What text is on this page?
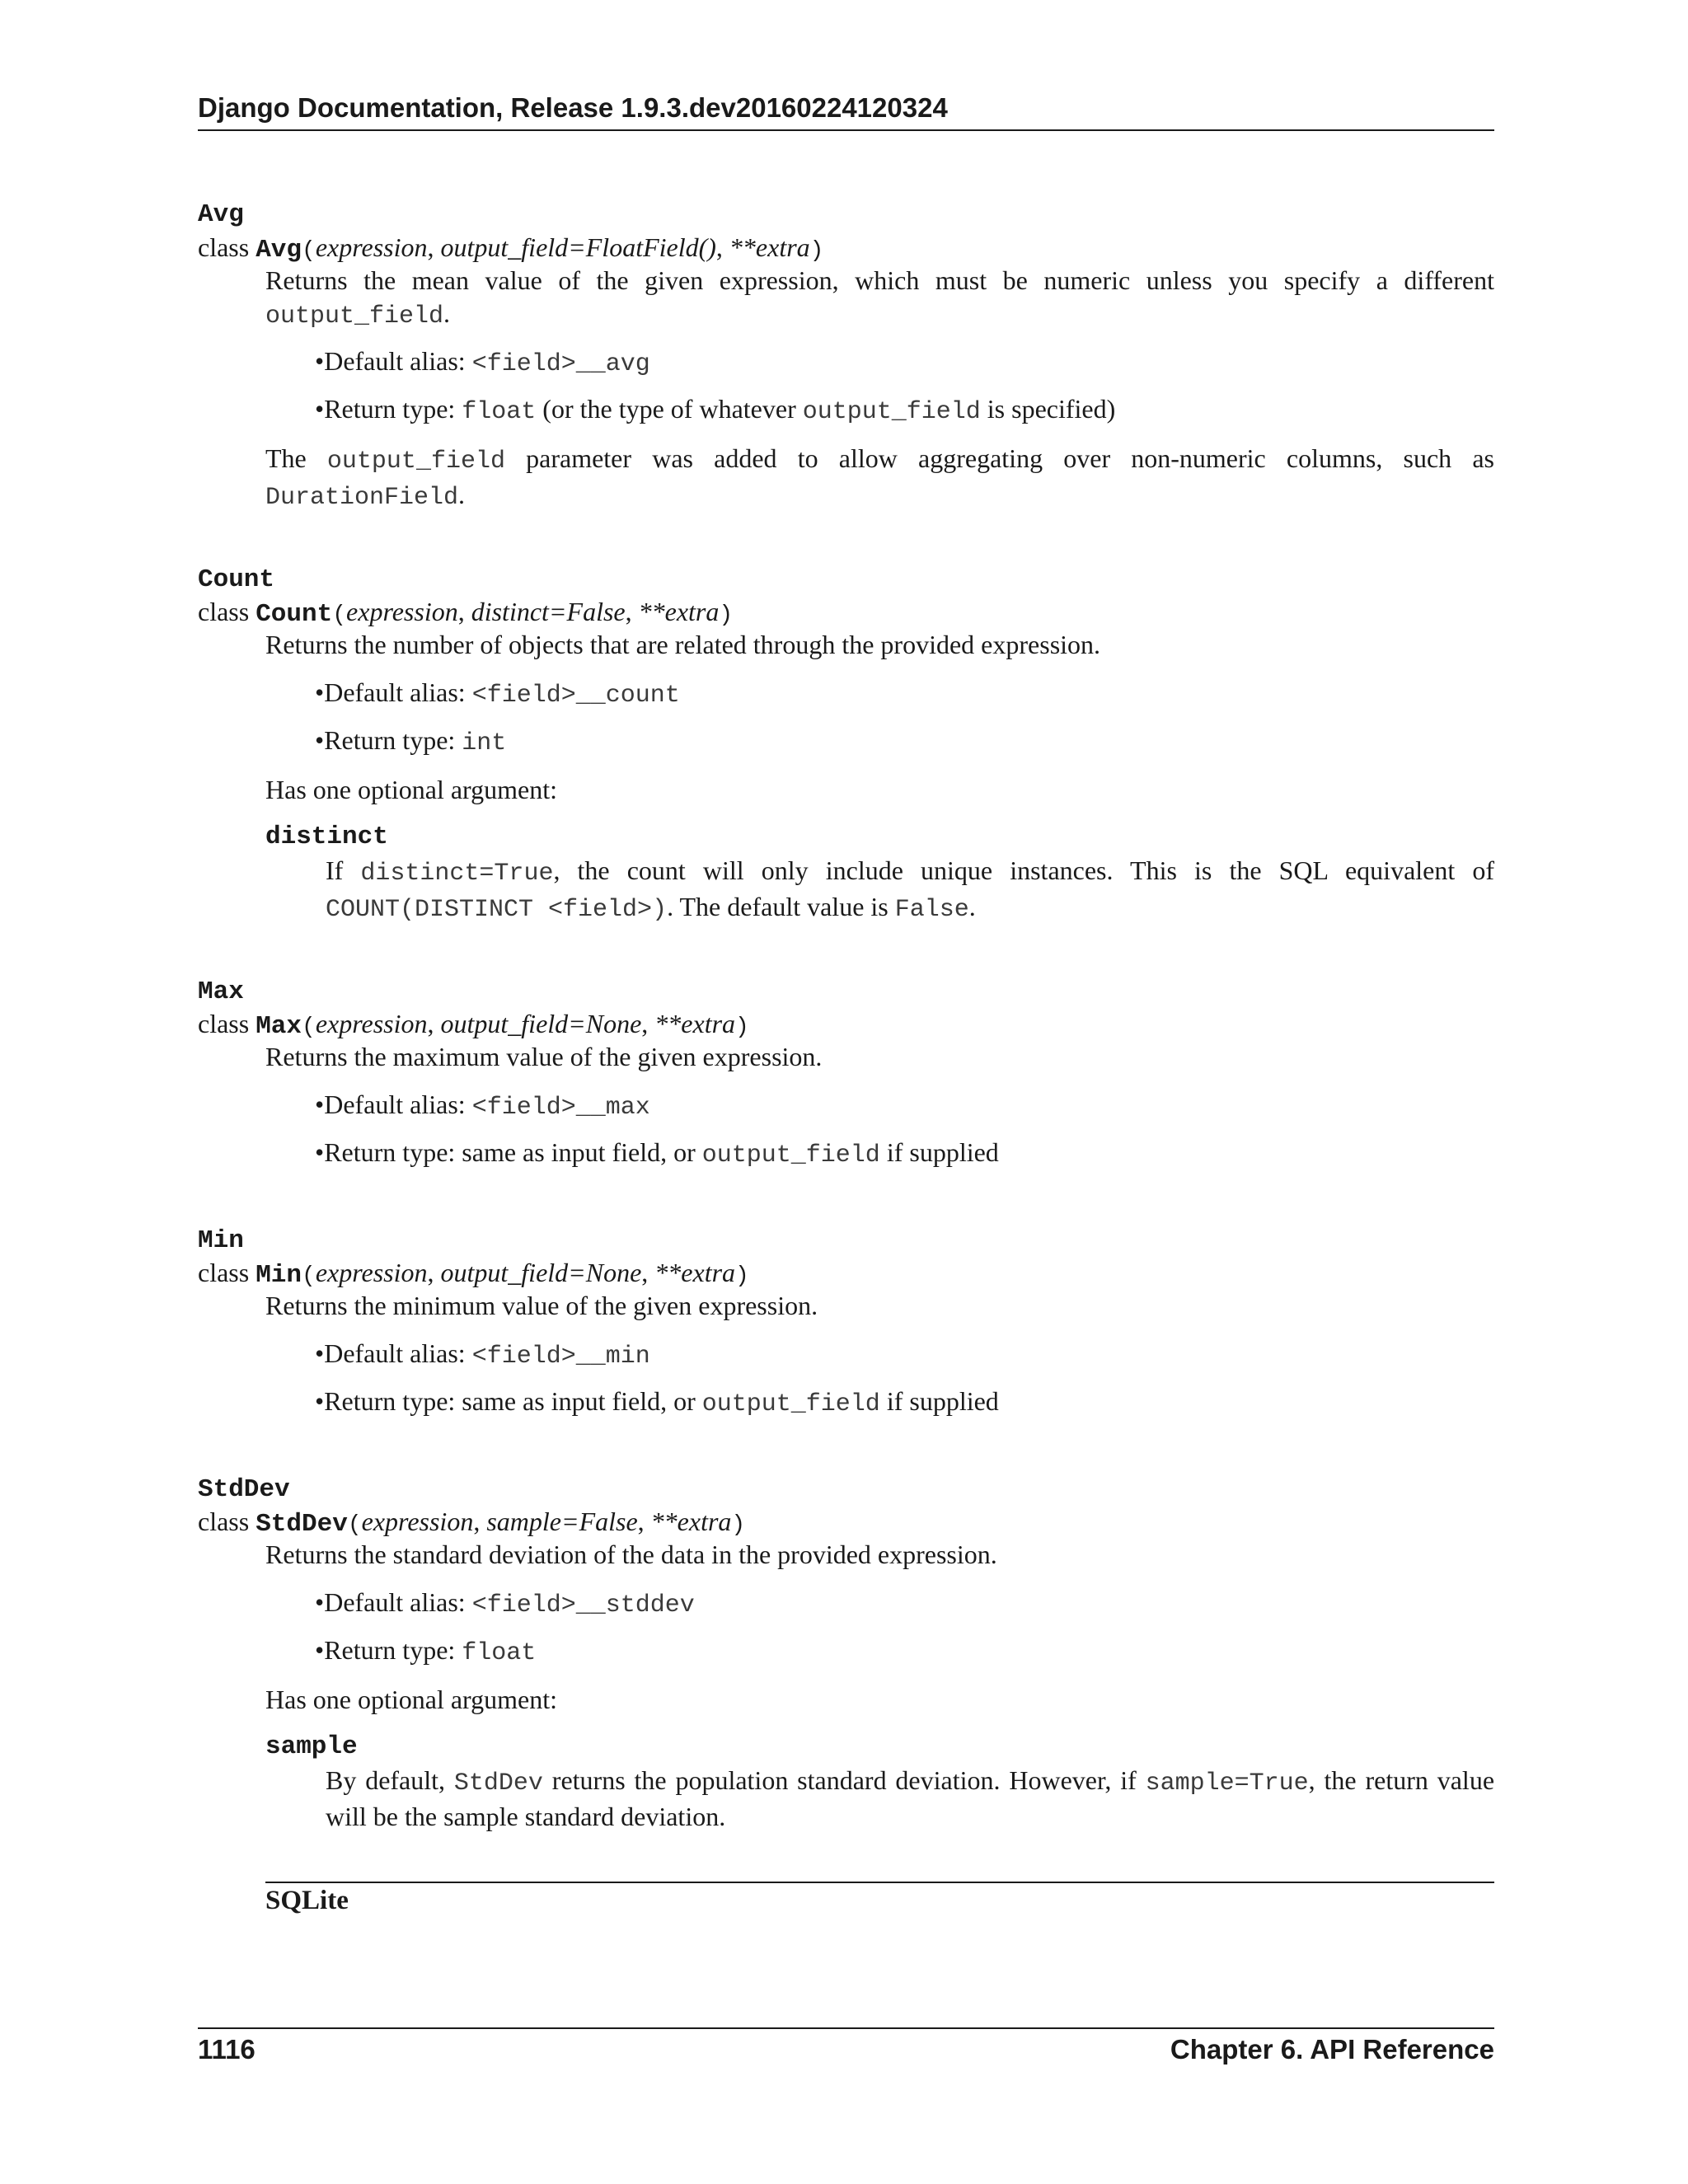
Django Documentation, Release 1.9.3.dev20160224120324
Avg
class Avg(expression, output_field=FloatField(), **extra)

Returns the mean value of the given expression, which must be numeric unless you specify a different output_field.

•Default alias: <field>__avg
•Return type: float (or the type of whatever output_field is specified)

The output_field parameter was added to allow aggregating over non-numeric columns, such as DurationField.

Count
class Count(expression, distinct=False, **extra)

Returns the number of objects that are related through the provided expression.

•Default alias: <field>__count
•Return type: int

Has one optional argument:

distinct

If distinct=True, the count will only include unique instances. This is the SQL equivalent of COUNT(DISTINCT <field>). The default value is False.

Max
class Max(expression, output_field=None, **extra)

Returns the maximum value of the given expression.

•Default alias: <field>__max
•Return type: same as input field, or output_field if supplied
Min
class Min(expression, output_field=None, **extra)

Returns the minimum value of the given expression.

•Default alias: <field>__min
•Return type: same as input field, or output_field if supplied
StdDev
class StdDev(expression, sample=False, **extra)

Returns the standard deviation of the data in the provided expression.

•Default alias: <field>__stddev
•Return type: float

Has one optional argument:

sample

By default, StdDev returns the population standard deviation. However, if sample=True, the return value will be the sample standard deviation.

SQLite
1116	Chapter 6. API Reference
